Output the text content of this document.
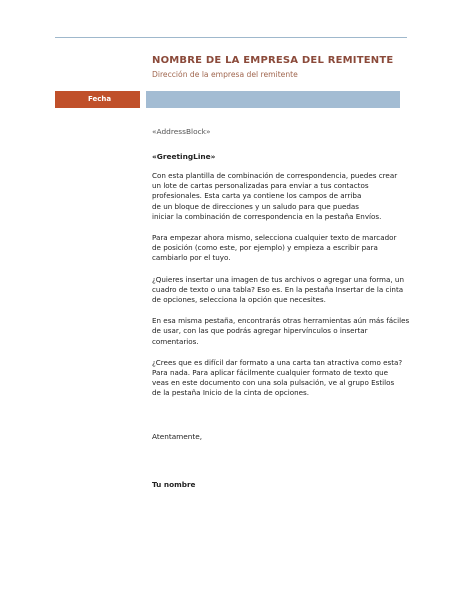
NOMBRE DE LA EMPRESA DEL REMITENTE
Dirección de la empresa del remitente
Fecha
«AddressBlock»
«GreetingLine»

Con esta plantilla de combinación de correspondencia, puedes crear
un lote de cartas personalizadas para enviar a tus contactos
profesionales. Esta carta ya contiene los campos de arriba
de un bloque de direcciones y un saludo para que puedas
iniciar la combinación de correspondencia en la pestaña Envíos.

Para empezar ahora mismo, selecciona cualquier texto de marcador
de posición (como este, por ejemplo) y empieza a escribir para
cambiarlo por el tuyo.

¿Quieres insertar una imagen de tus archivos o agregar una forma, un
cuadro de texto o una tabla? Eso es. En la pestaña Insertar de la cinta
de opciones, selecciona la opción que necesites.

En esa misma pestaña, encontrarás otras herramientas aún más fáciles
de usar, con las que podrás agregar hipervínculos o insertar
comentarios.

¿Crees que es difícil dar formato a una carta tan atractiva como esta?
Para nada. Para aplicar fácilmente cualquier formato de texto que
veas en este documento con una sola pulsación, ve al grupo Estilos
de la pestaña Inicio de la cinta de opciones.

Atentamente,
Tu nombre
